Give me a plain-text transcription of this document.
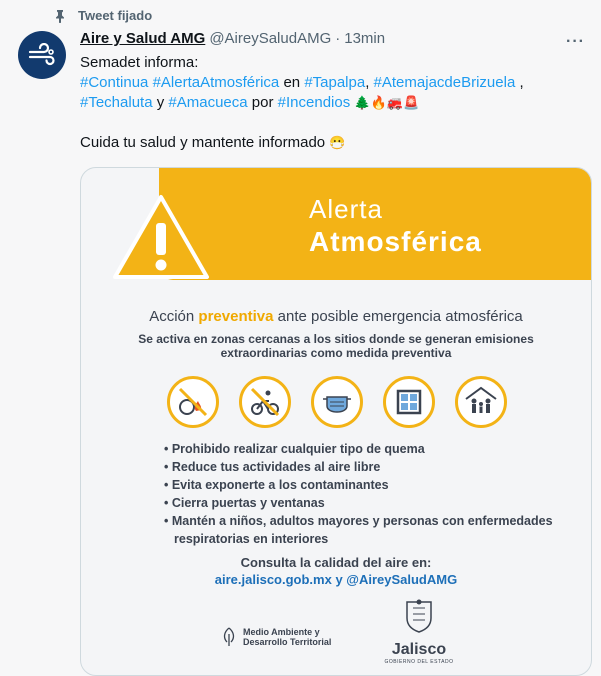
Tweet fijado
Aire y Salud AMG @AireySaludAMG · 13min	···
Semadet informa:
#Continua #AlertaAtmosférica en #Tapalpa, #AtemajacdeBrizuela ,
#Techaluta y #Amacueca por #Incendios 🌲🔥🚒🚨
Cuida tu salud y mantente informado 😷
Alerta
Atmosférica
Acción preventiva ante posible emergencia atmosférica
Se activa en zonas cercanas a los sitios donde se generan emisiones extraordinarias como medida preventiva
• Prohibido realizar cualquier tipo de quema
• Reduce tus actividades al aire libre
• Evita exponerte a los contaminantes
• Cierra puertas y ventanas
• Mantén a niños, adultos mayores y personas con enfermedades respiratorias en interiores
Consulta la calidad del aire en:
aire.jalisco.gob.mx y @AireySaludAMG
Medio Ambiente y Desarrollo Territorial	Jalisco
GOBIERNO DEL ESTADO
